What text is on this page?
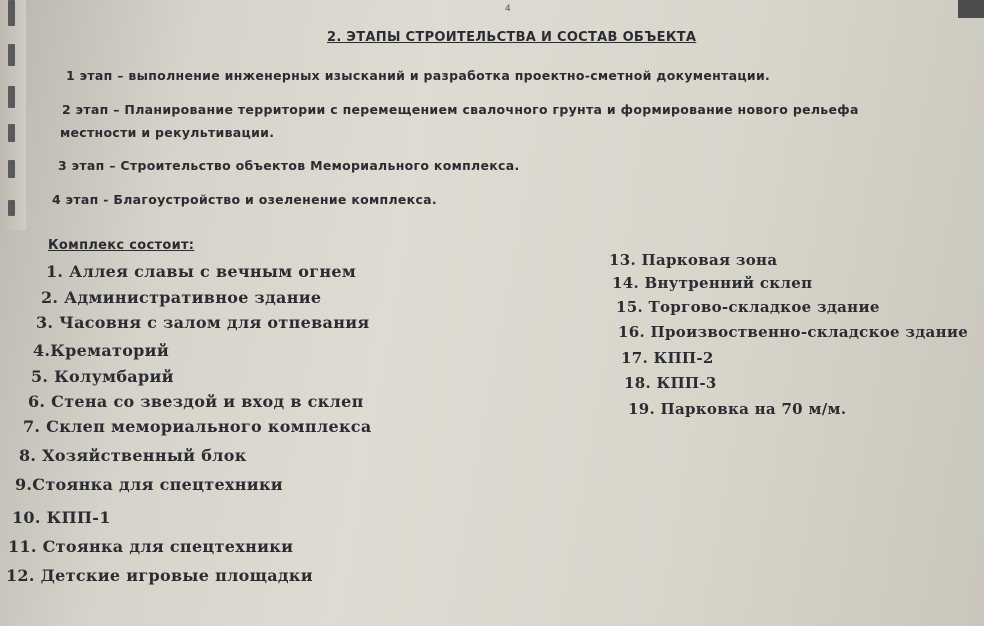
4
2. ЭТАПЫ СТРОИТЕЛЬСТВА И СОСТАВ ОБЪЕКТА
1 этап – выполнение инженерных изысканий и разработка проектно-сметной документации.
2 этап – Планирование территории с перемещением свалочного грунта и формирование нового рельефа
местности и рекультивации.
3 этап – Строительство объектов Мемориального комплекса.
4 этап - Благоустройство и озеленение комплекса.
Комплекс состоит:
1. Аллея славы с вечным огнем
2. Административное здание
3. Часовня с залом для отпевания
4.Крематорий
5. Колумбарий
6. Стена со звездой и вход в склеп
7. Склеп мемориального комплекса
8. Хозяйственный блок
9.Стоянка для спецтехники
10. КПП-1
11. Стоянка для спецтехники
12. Детские игровые площадки
13. Парковая зона
14. Внутренний склеп
15. Торгово-складкое здание
16. Произвоственно-складское здание
17. КПП-2
18. КПП-3
19. Парковка на 70 м/м.
